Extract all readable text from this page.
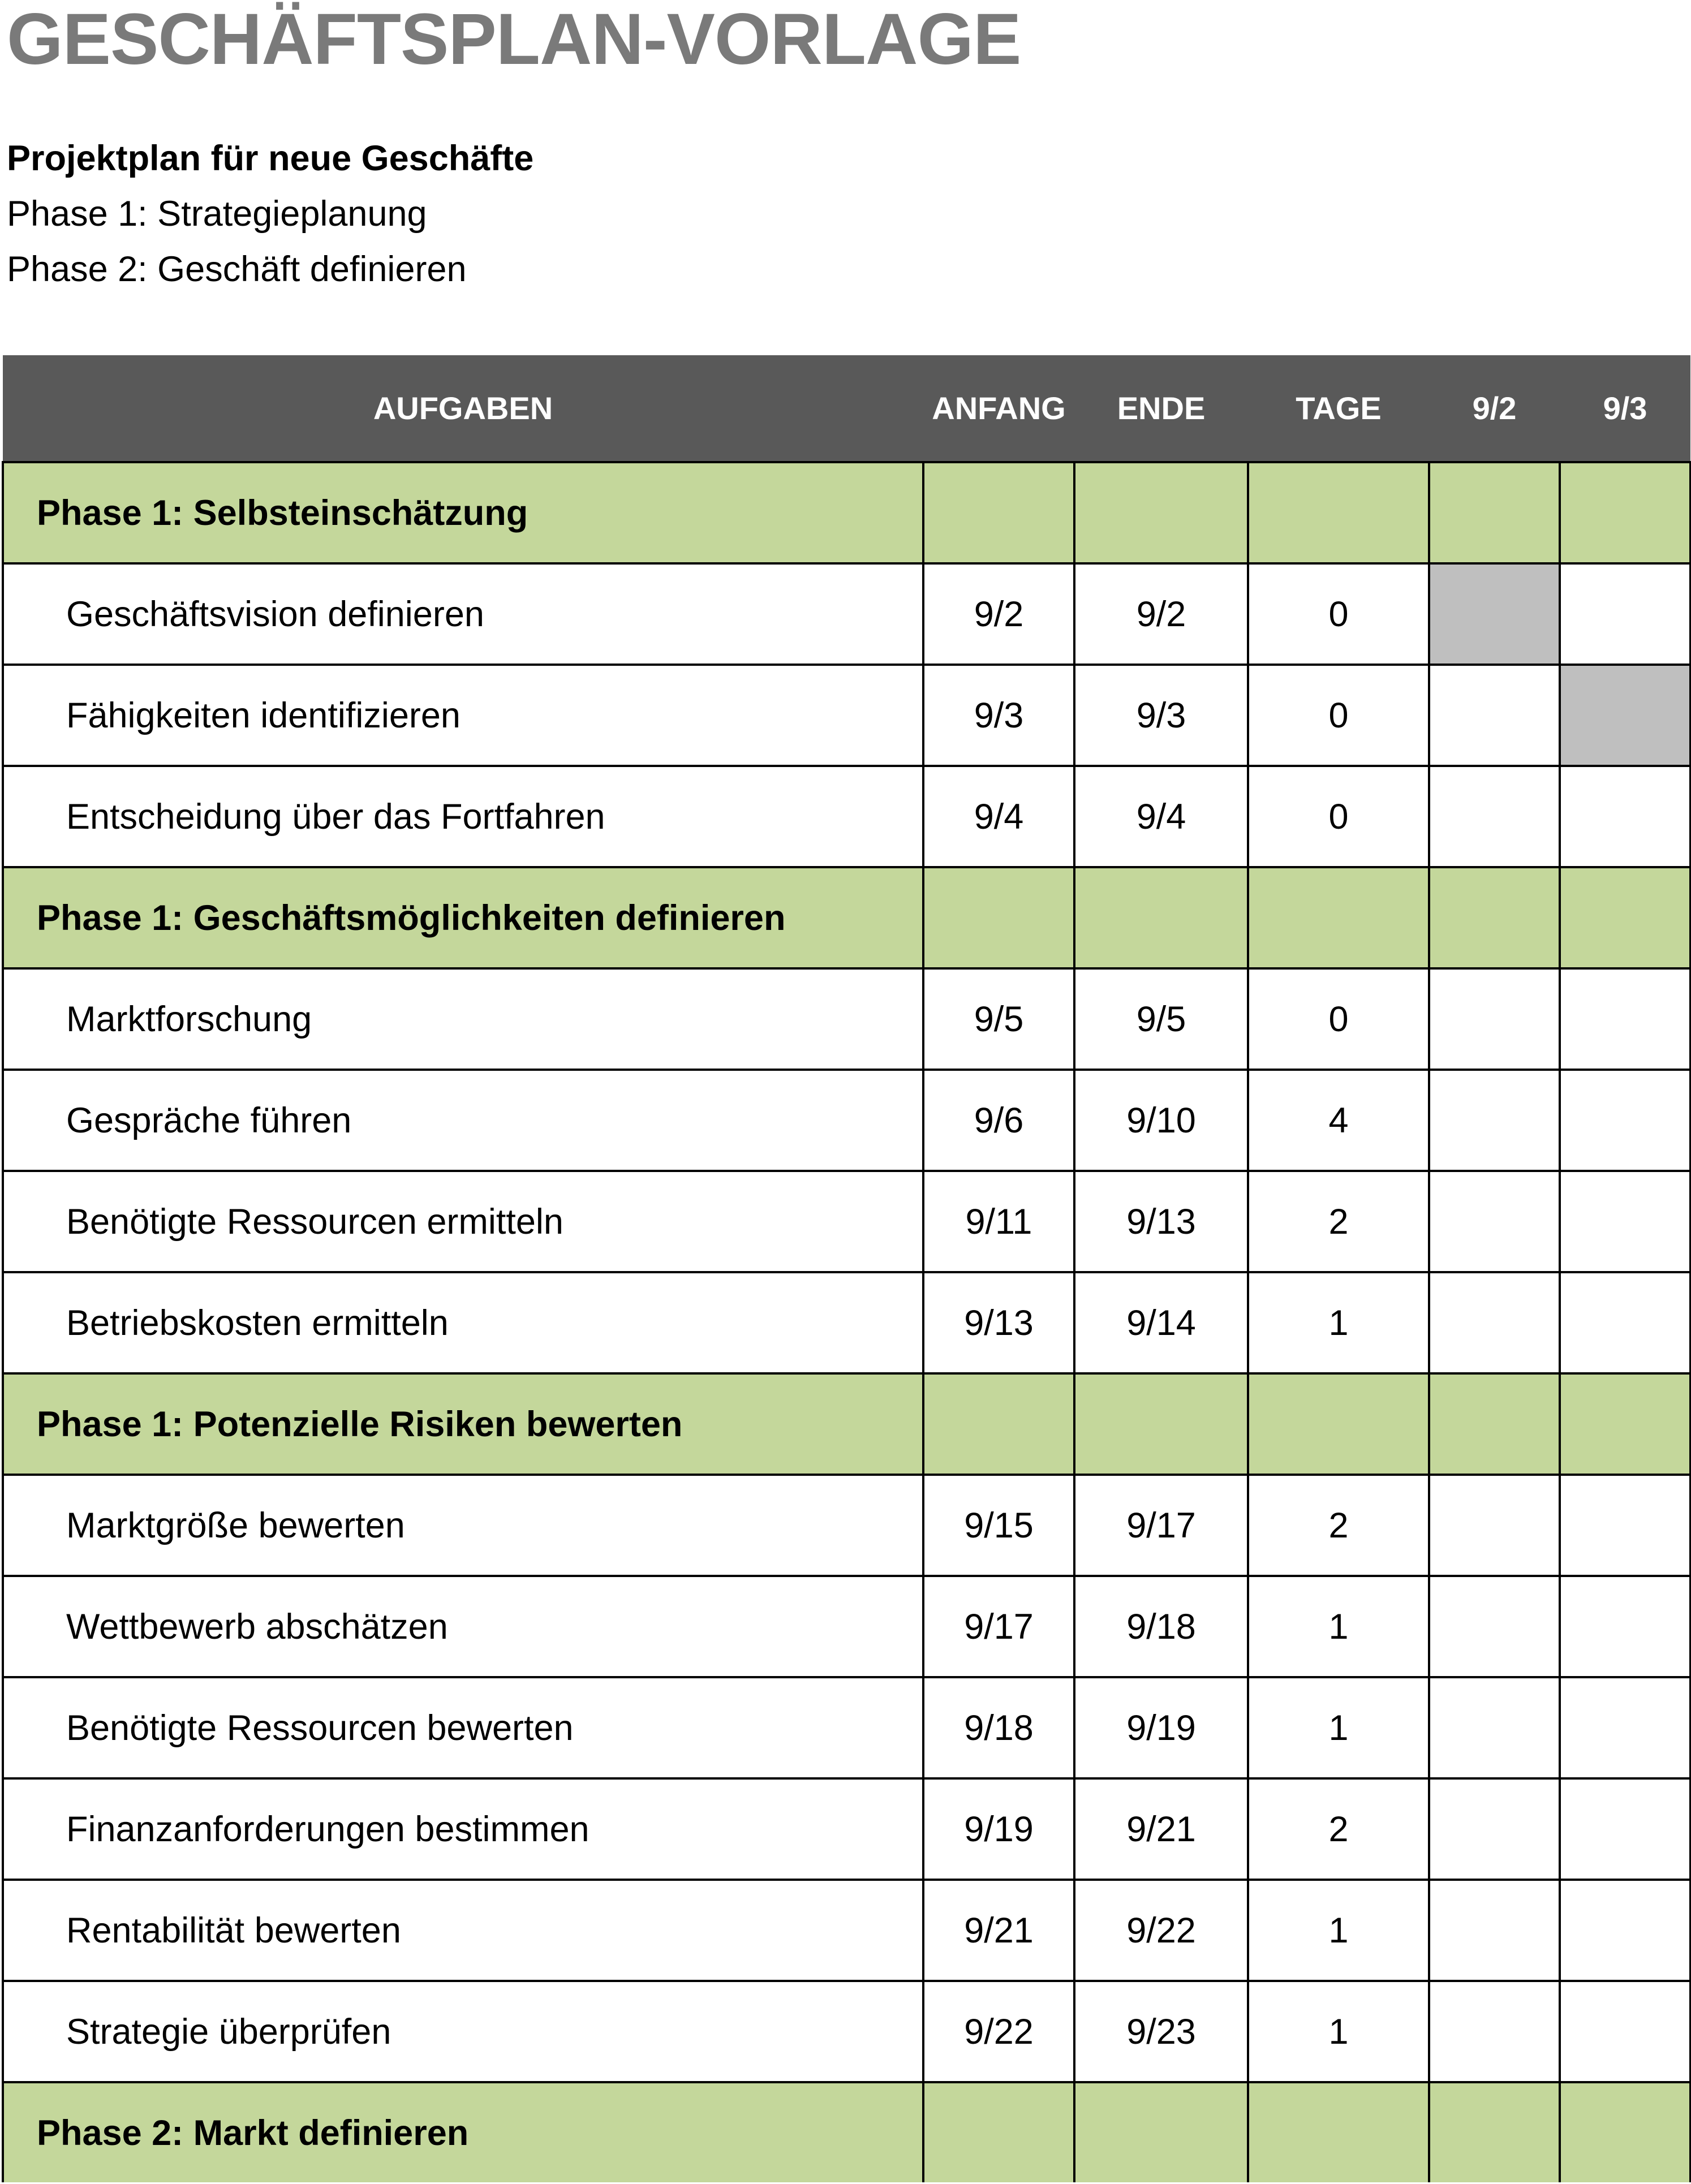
GESCHÄFTSPLAN-VORLAGE
Projektplan für neue Geschäfte
Phase 1: Strategieplanung
Phase 2: Geschäft definieren
AUFGABEN	ANFANG	ENDE	TAGE	9/2	9/3
Phase 1: Selbsteinschätzung					
Geschäftsvision definieren	9/2	9/2	0		
Fähigkeiten identifizieren	9/3	9/3	0		
Entscheidung über das Fortfahren	9/4	9/4	0		
Phase 1: Geschäftsmöglichkeiten definieren					
Marktforschung	9/5	9/5	0		
Gespräche führen	9/6	9/10	4		
Benötigte Ressourcen ermitteln	9/11	9/13	2		
Betriebskosten ermitteln	9/13	9/14	1		
Phase 1: Potenzielle Risiken bewerten					
Marktgröße bewerten	9/15	9/17	2		
Wettbewerb abschätzen	9/17	9/18	1		
Benötigte Ressourcen bewerten	9/18	9/19	1		
Finanzanforderungen bestimmen	9/19	9/21	2		
Rentabilität bewerten	9/21	9/22	1		
Strategie überprüfen	9/22	9/23	1		
Phase 2: Markt definieren					
